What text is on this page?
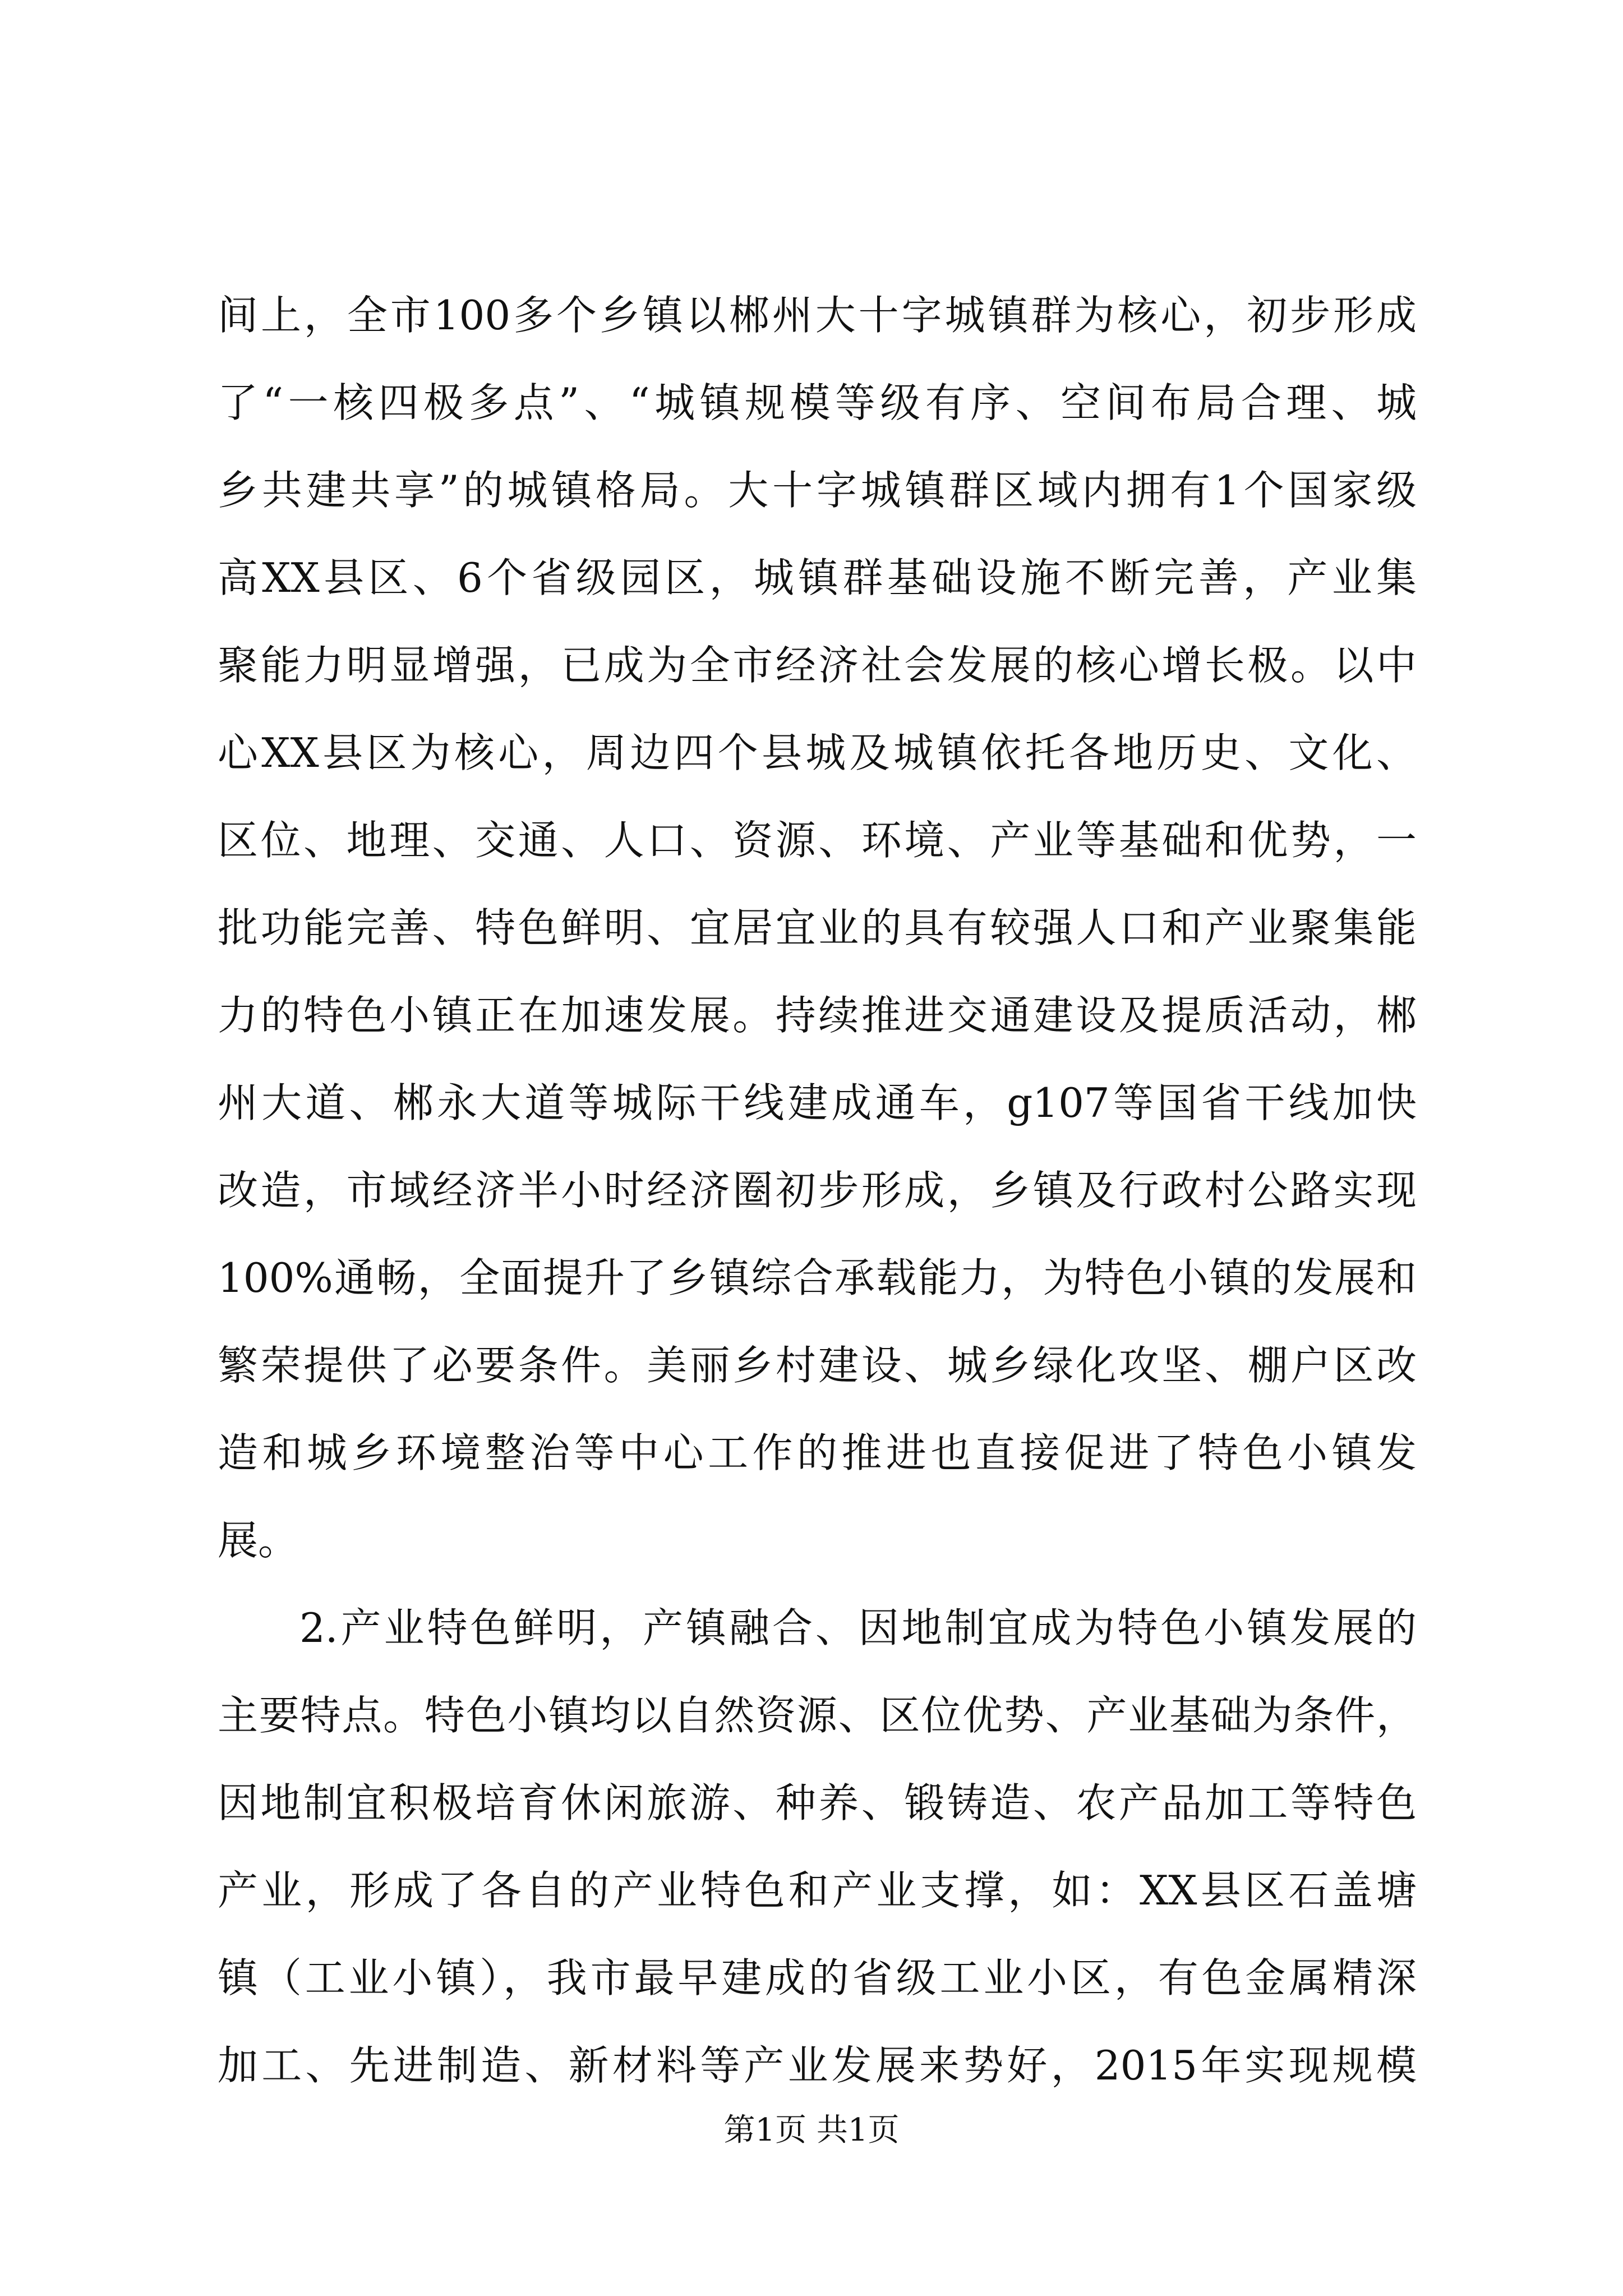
间上，全市100多个乡镇以郴州大十字城镇群为核心，初步形成
了“一核四极多点”、“城镇规模等级有序、空间布局合理、城
乡共建共享”的城镇格局。大十字城镇群区域内拥有1个国家级
高XX县区、6个省级园区，城镇群基础设施不断完善，产业集
聚能力明显增强，已成为全市经济社会发展的核心增长极。以中
心XX县区为核心，周边四个县城及城镇依托各地历史、文化、
区位、地理、交通、人口、资源、环境、产业等基础和优势，一
批功能完善、特色鲜明、宜居宜业的具有较强人口和产业聚集能
力的特色小镇正在加速发展。持续推进交通建设及提质活动，郴
州大道、郴永大道等城际干线建成通车，g107等国省干线加快
改造，市域经济半小时经济圈初步形成，乡镇及行政村公路实现
100%通畅，全面提升了乡镇综合承载能力，为特色小镇的发展和
繁荣提供了必要条件。美丽乡村建设、城乡绿化攻坚、棚户区改
造和城乡环境整治等中心工作的推进也直接促进了特色小镇发
展。
2.产业特色鲜明，产镇融合、因地制宜成为特色小镇发展的
主要特点。特色小镇均以自然资源、区位优势、产业基础为条件，
因地制宜积极培育休闲旅游、种养、锻铸造、农产品加工等特色
产业，形成了各自的产业特色和产业支撑，如：XX县区石盖塘
镇（工业小镇），我市最早建成的省级工业小区，有色金属精深
加工、先进制造、新材料等产业发展来势好，2015年实现规模
第1页 共1页
